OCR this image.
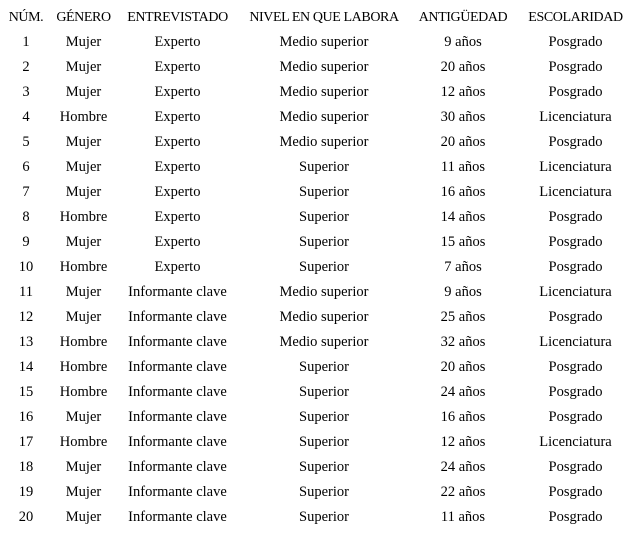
NÚM.	GÉNERO	ENTREVISTADO	NIVEL EN QUE LABORA	ANTIGÜEDAD	ESCOLARIDAD
1	Mujer	Experto	Medio superior	9 años	Posgrado
2	Mujer	Experto	Medio superior	20 años	Posgrado
3	Mujer	Experto	Medio superior	12 años	Posgrado
4	Hombre	Experto	Medio superior	30 años	Licenciatura
5	Mujer	Experto	Medio superior	20 años	Posgrado
6	Mujer	Experto	Superior	11 años	Licenciatura
7	Mujer	Experto	Superior	16 años	Licenciatura
8	Hombre	Experto	Superior	14 años	Posgrado
9	Mujer	Experto	Superior	15 años	Posgrado
10	Hombre	Experto	Superior	7 años	Posgrado
11	Mujer	Informante clave	Medio superior	9 años	Licenciatura
12	Mujer	Informante clave	Medio superior	25 años	Posgrado
13	Hombre	Informante clave	Medio superior	32 años	Licenciatura
14	Hombre	Informante clave	Superior	20 años	Posgrado
15	Hombre	Informante clave	Superior	24 años	Posgrado
16	Mujer	Informante clave	Superior	16 años	Posgrado
17	Hombre	Informante clave	Superior	12 años	Licenciatura
18	Mujer	Informante clave	Superior	24 años	Posgrado
19	Mujer	Informante clave	Superior	22 años	Posgrado
20	Mujer	Informante clave	Superior	11 años	Posgrado
